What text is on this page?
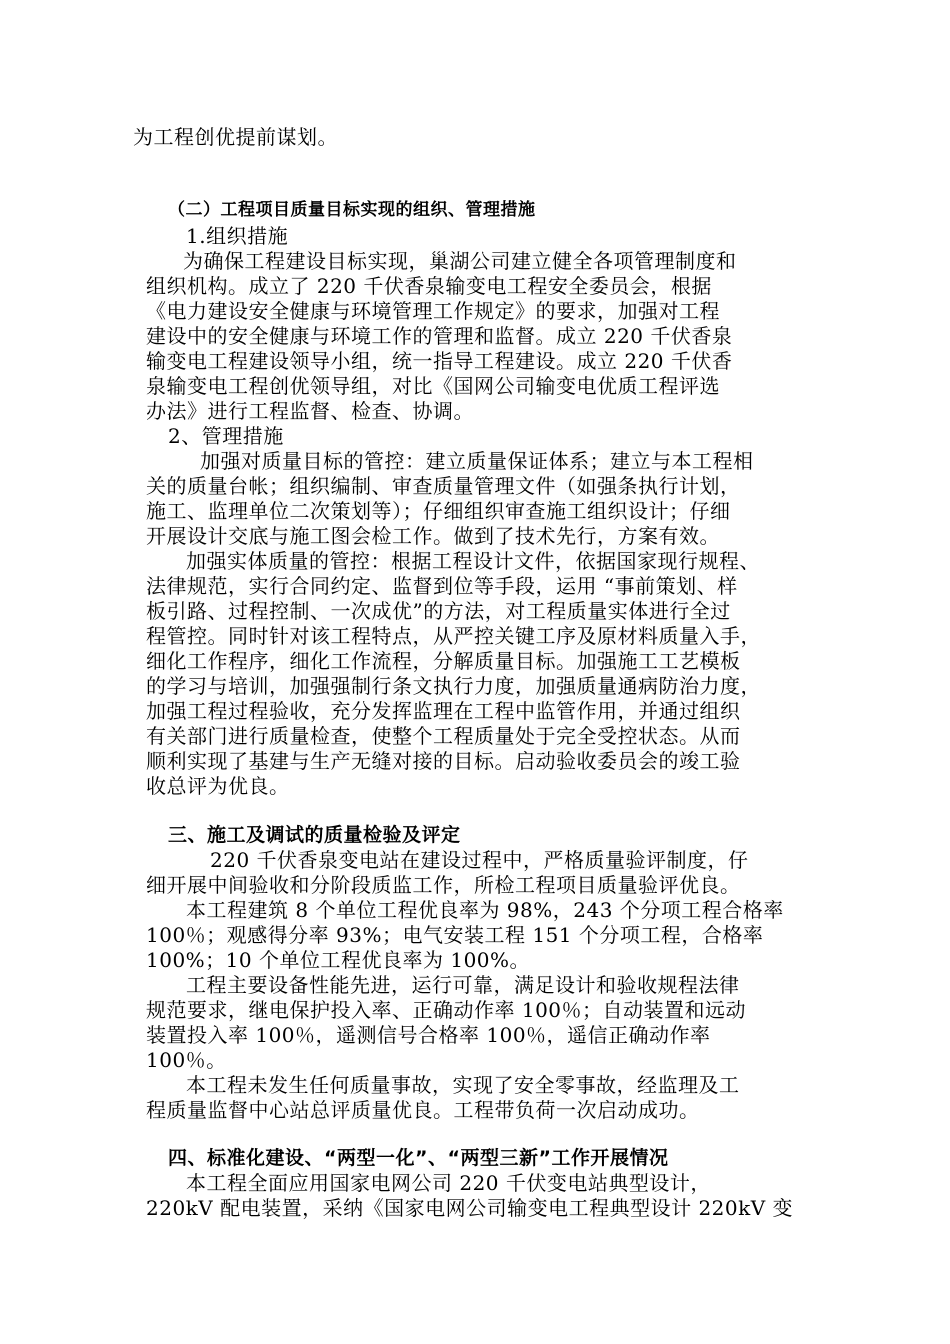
为工程创优提前谋划。
（二）工程项目质量目标实现的组织、管理措施
1.组织措施
为确保工程建设目标实现，巢湖公司建立健全各项管理制度和
组织机构。成立了 220 千伏香泉输变电工程安全委员会，根据
《电力建设安全健康与环境管理工作规定》的要求，加强对工程
建设中的安全健康与环境工作的管理和监督。成立 220 千伏香泉
输变电工程建设领导小组，统一指导工程建设。成立 220 千伏香
泉输变电工程创优领导组，对比《国网公司输变电优质工程评选
办法》进行工程监督、检查、协调。
2、管理措施
加强对质量目标的管控：建立质量保证体系；建立与本工程相
关的质量台帐；组织编制、审查质量管理文件（如强条执行计划，
施工、监理单位二次策划等）；仔细组织审查施工组织设计；仔细
开展设计交底与施工图会检工作。做到了技术先行，方案有效。
加强实体质量的管控：根据工程设计文件，依据国家现行规程、
法律规范，实行合同约定、监督到位等手段，运用 “事前策划、样
板引路、过程控制、一次成优”的方法，对工程质量实体进行全过
程管控。同时针对该工程特点，从严控关键工序及原材料质量入手，
细化工作程序，细化工作流程，分解质量目标。加强施工工艺模板
的学习与培训，加强强制行条文执行力度，加强质量通病防治力度，
加强工程过程验收，充分发挥监理在工程中监管作用，并通过组织
有关部门进行质量检查，使整个工程质量处于完全受控状态。从而
顺利实现了基建与生产无缝对接的目标。启动验收委员会的竣工验
收总评为优良。
三、施工及调试的质量检验及评定
220 千伏香泉变电站在建设过程中，严格质量验评制度，仔
细开展中间验收和分阶段质监工作，所检工程项目质量验评优良。
本工程建筑 8 个单位工程优良率为 98%，243 个分项工程合格率
100％；观感得分率 93%；电气安装工程 151 个分项工程，合格率
100%；10 个单位工程优良率为 100%。
工程主要设备性能先进，运行可靠，满足设计和验收规程法律
规范要求，继电保护投入率、正确动作率 100％；自动装置和远动
装置投入率 100％，遥测信号合格率 100％，遥信正确动作率
100％。
本工程未发生任何质量事故，实现了安全零事故，经监理及工
程质量监督中心站总评质量优良。工程带负荷一次启动成功。
四、标准化建设、“两型一化”、“两型三新”工作开展情况
本工程全面应用国家电网公司 220 千伏变电站典型设计，
220kV 配电装置，采纳《国家电网公司输变电工程典型设计 220kV 变
